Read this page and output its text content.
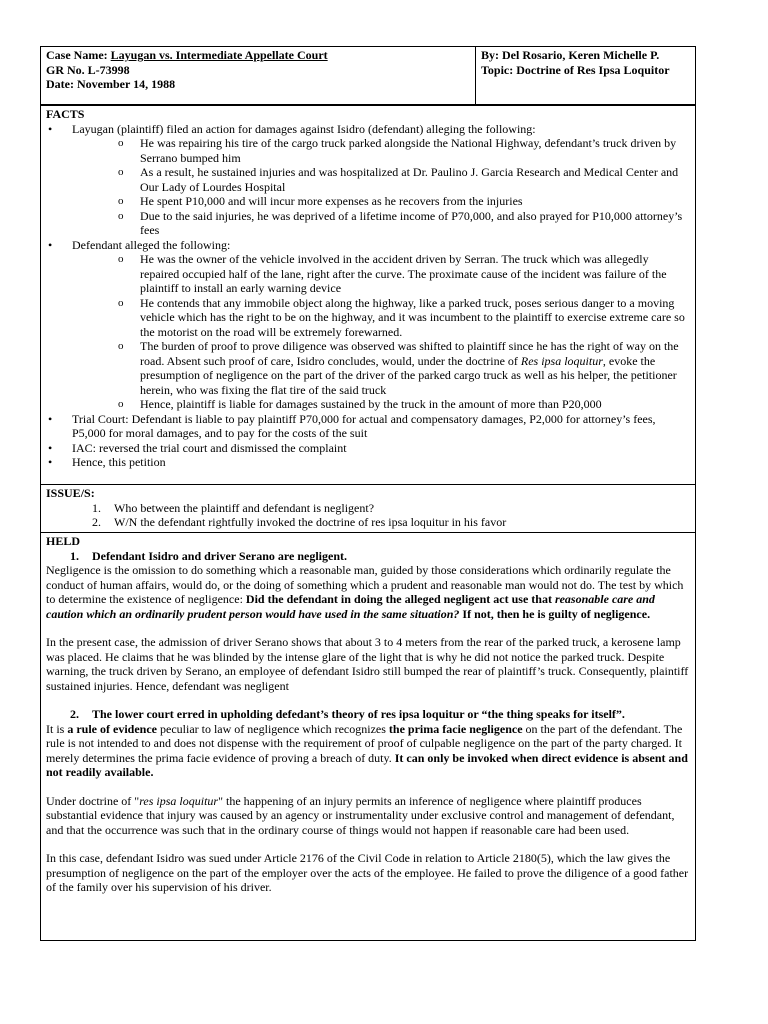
Case Name: Layugan vs. Intermediate Appellate Court
GR No. L-73998
Date: November 14, 1988
By: Del Rosario, Keren Michelle P.
Topic: Doctrine of Res Ipsa Loquitor
FACTS
• Layugan (plaintiff) filed an action for damages against Isidro (defendant) alleging the following:
o He was repairing his tire of the cargo truck parked alongside the National Highway, defendant’s truck driven by Serrano bumped him
o As a result, he sustained injuries and was hospitalized at Dr. Paulino J. Garcia Research and Medical Center and Our Lady of Lourdes Hospital
o He spent P10,000 and will incur more expenses as he recovers from the injuries
o Due to the said injuries, he was deprived of a lifetime income of P70,000, and also prayed for P10,000 attorney’s fees
• Defendant alleged the following:
o He was the owner of the vehicle involved in the accident driven by Serran. The truck which was allegedly repaired occupied half of the lane, right after the curve. The proximate cause of the incident was failure of the plaintiff to install an early warning device
o He contends that any immobile object along the highway, like a parked truck, poses serious danger to a moving vehicle which has the right to be on the highway, and it was incumbent to the plaintiff to exercise extreme care so the motorist on the road will be extremely forewarned.
o The burden of proof to prove diligence was observed was shifted to plaintiff since he has the right of way on the road. Absent such proof of care, Isidro concludes, would, under the doctrine of Res ipsa loquitur, evoke the presumption of negligence on the part of the driver of the parked cargo truck as well as his helper, the petitioner herein, who was fixing the flat tire of the said truck
o Hence, plaintiff is liable for damages sustained by the truck in the amount of more than P20,000
• Trial Court: Defendant is liable to pay plaintiff P70,000 for actual and compensatory damages, P2,000 for attorney’s fees, P5,000 for moral damages, and to pay for the costs of the suit
• IAC: reversed the trial court and dismissed the complaint
• Hence, this petition
ISSUE/S:
1. Who between the plaintiff and defendant is negligent?
2. W/N the defendant rightfully invoked the doctrine of res ipsa loquitur in his favor
HELD
1. Defendant Isidro and driver Serano are negligent.

Negligence is the omission to do something which a reasonable man, guided by those considerations which ordinarily regulate the conduct of human affairs, would do, or the doing of something which a prudent and reasonable man would not do. The test by which to determine the existence of negligence: Did the defendant in doing the alleged negligent act use that reasonable care and caution which an ordinarily prudent person would have used in the same situation? If not, then he is guilty of negligence.

In the present case, the admission of driver Serano shows that about 3 to 4 meters from the rear of the parked truck, a kerosene lamp was placed. He claims that he was blinded by the intense glare of the light that is why he did not notice the parked truck. Despite warning, the truck driven by Serano, an employee of defendant Isidro still bumped the rear of plaintiff’s truck. Consequently, plaintiff sustained injuries. Hence, defendant was negligent

2. The lower court erred in upholding defedant’s theory of res ipsa loquitur or “the thing speaks for itself”.

It is a rule of evidence peculiar to law of negligence which recognizes the prima facie negligence on the part of the defendant. The rule is not intended to and does not dispense with the requirement of proof of culpable negligence on the part of the party charged. It merely determines the prima facie evidence of proving a breach of duty. It can only be invoked when direct evidence is absent and not readily available.

Under doctrine of "res ipsa loquitur" the happening of an injury permits an inference of negligence where plaintiff produces substantial evidence that injury was caused by an agency or instrumentality under exclusive control and management of defendant, and that the occurrence was such that in the ordinary course of things would not happen if reasonable care had been used.

In this case, defendant Isidro was sued under Article 2176 of the Civil Code in relation to Article 2180(5), which the law gives the presumption of negligence on the part of the employer over the acts of the employee. He failed to prove the diligence of a good father of the family over his supervision of his driver.
